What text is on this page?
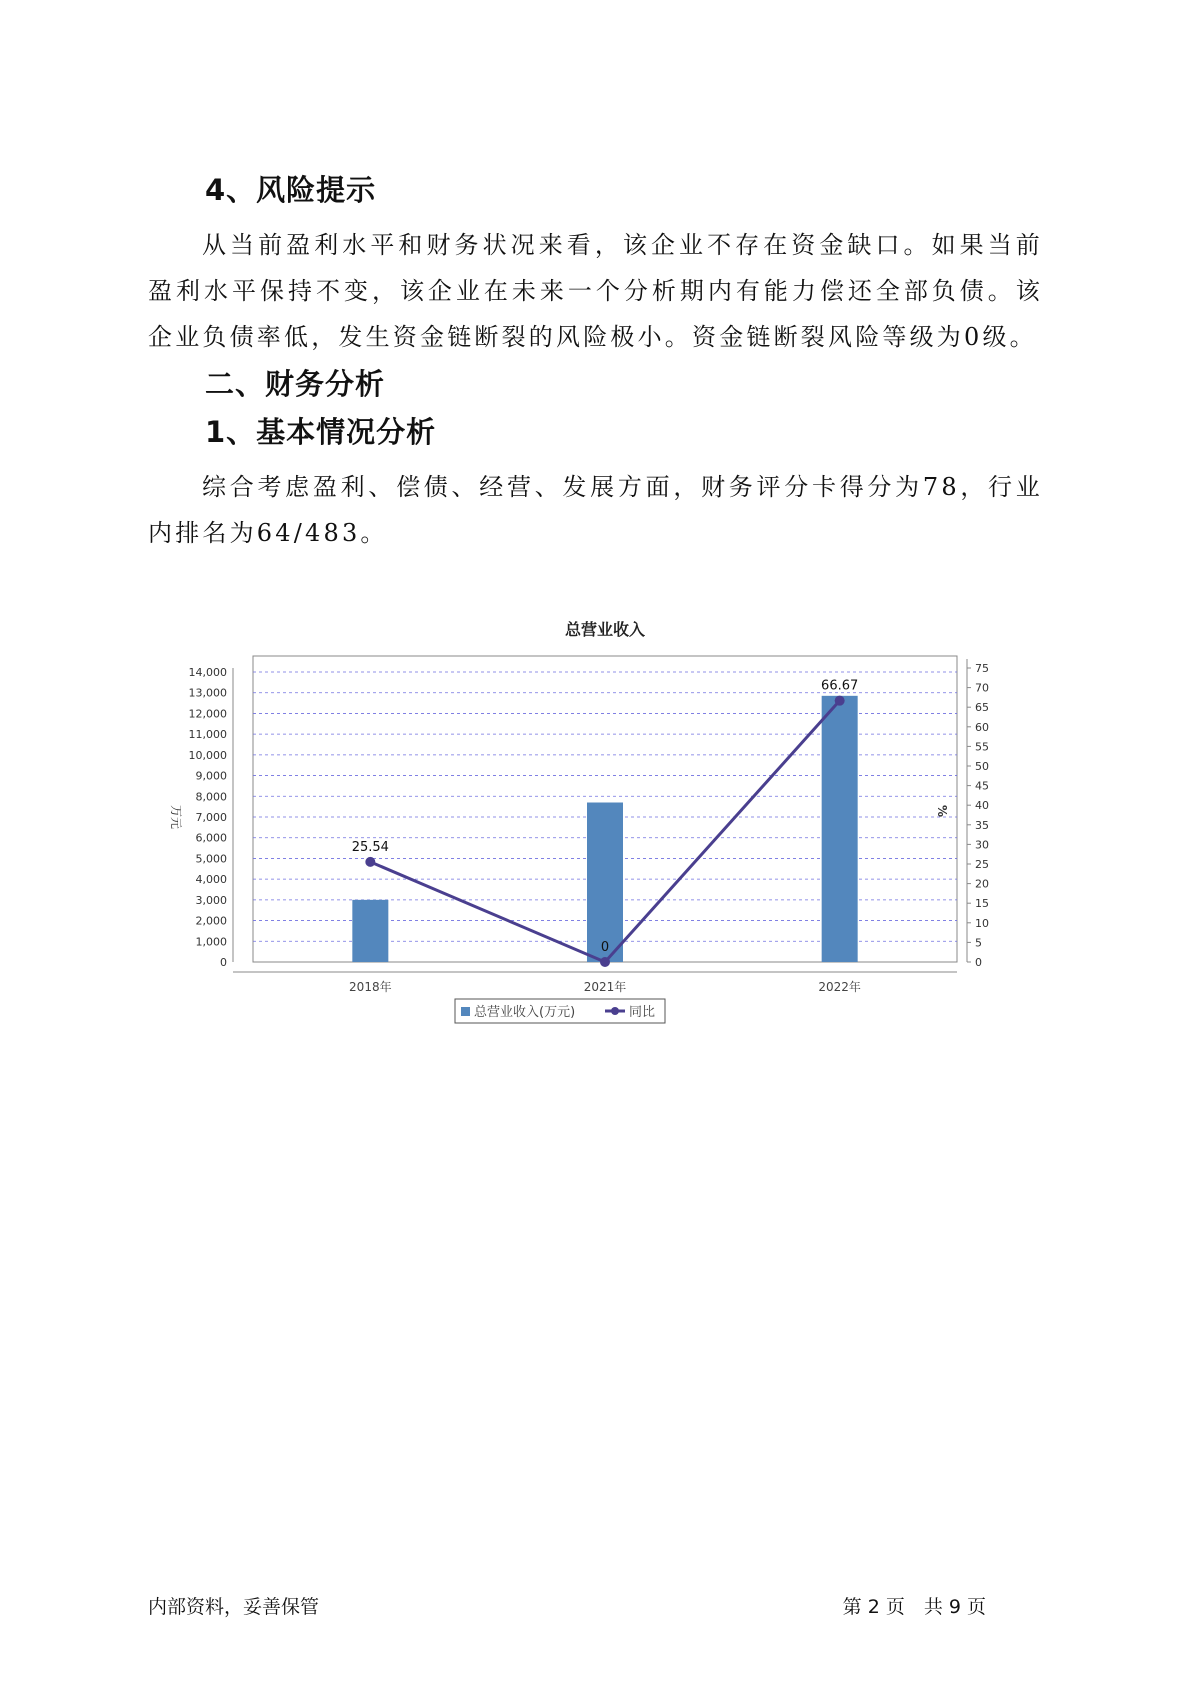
4、风险提示

从当前盈利水平和财务状况来看，该企业不存在资金缺口。如果当前盈利水平保持不变，该企业在未来一个分析期内有能力偿还全部负债。该企业负债率低，发生资金链断裂的风险极小。资金链断裂风险等级为0级。

二、财务分析
1、基本情况分析

综合考虑盈利、偿债、经营、发展方面，财务评分卡得分为78，行业内排名为64/483。

总营业收入
0
1,000
2,000
3,000
4,000
5,000
6,000
7,000
8,000
9,000
10,000
11,000
12,000
13,000
14,000
万元
0
5
10
15
20
25
30
35
40
45
50
55
60
65
70
75
%
2018年	2021年	2022年
25.54
0
66.67
总营业收入(万元)	同比
内部资料，妥善保管	第 2 页　共 9 页
